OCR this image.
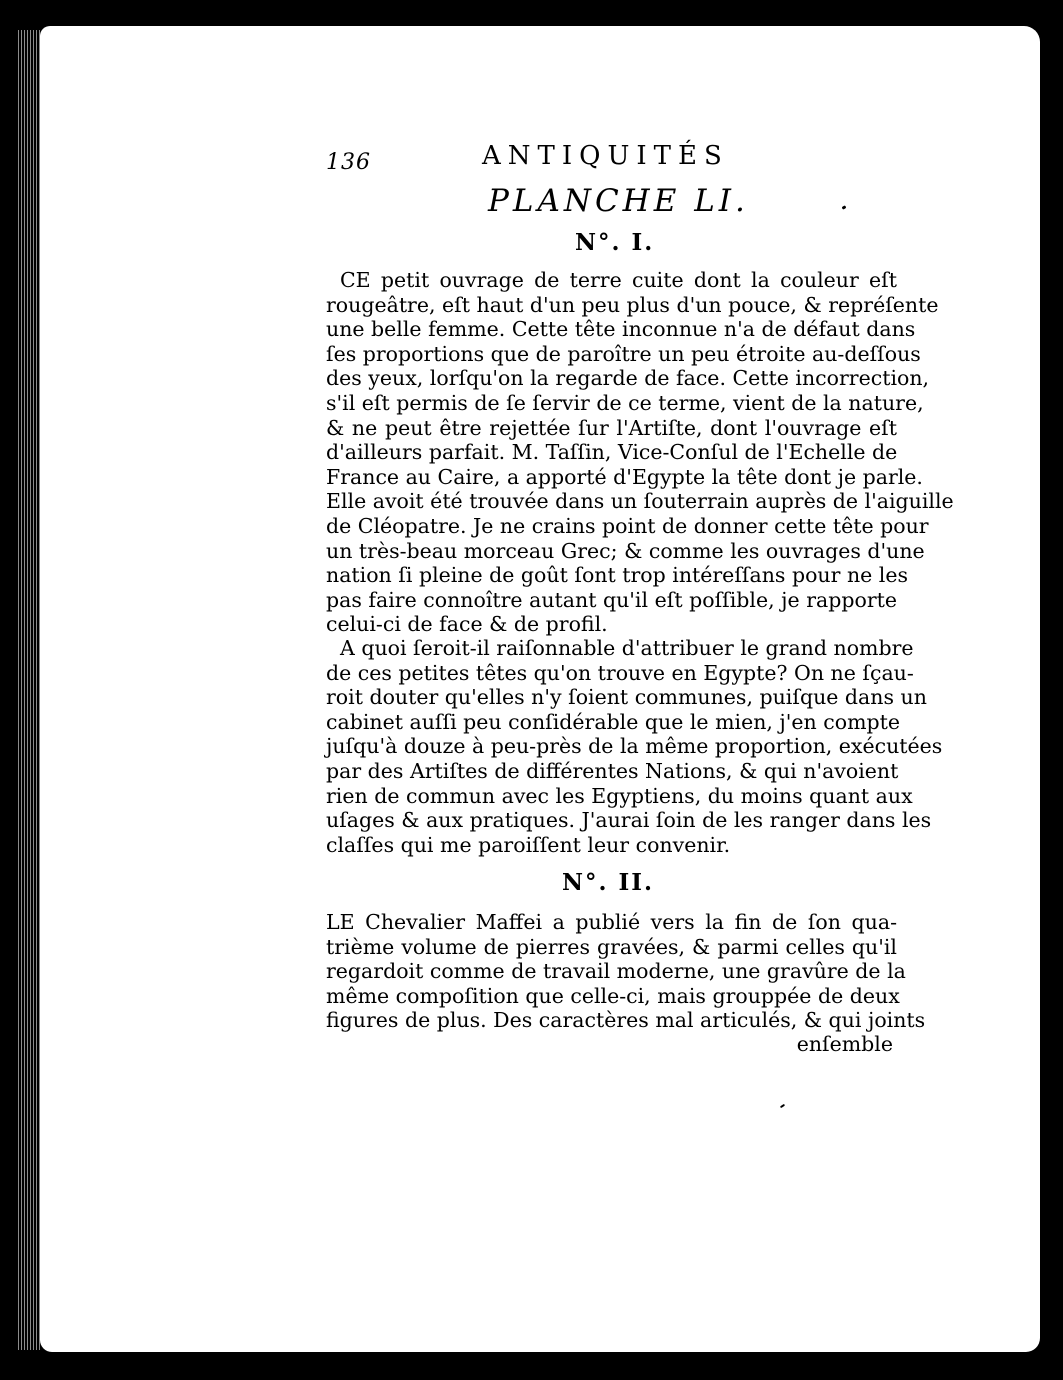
136	ANTIQUITÉS
PLANCHE LI.
N°. I.
CE petit ouvrage de terre cuite dont la couleur eſt
rougeâtre, eſt haut d'un peu plus d'un pouce, & repréſente
une belle femme. Cette tête inconnue n'a de défaut dans
ſes proportions que de paroître un peu étroite au-deſſous
des yeux, lorſqu'on la regarde de face. Cette incorrection,
s'il eſt permis de ſe ſervir de ce terme, vient de la nature,
& ne peut être rejettée ſur l'Artiſte, dont l'ouvrage eſt
d'ailleurs parfait. M. Taſſin, Vice-Conſul de l'Echelle de
France au Caire, a apporté d'Egypte la tête dont je parle.
Elle avoit été trouvée dans un ſouterrain auprès de l'aiguille
de Cléopatre. Je ne crains point de donner cette tête pour
un très-beau morceau Grec; & comme les ouvrages d'une
nation ſi pleine de goût ſont trop intéreſſans pour ne les
pas faire connoître autant qu'il eſt poſſible, je rapporte
celui-ci de face & de profil.
A quoi ſeroit-il raiſonnable d'attribuer le grand nombre
de ces petites têtes qu'on trouve en Egypte? On ne ſçau-
roit douter qu'elles n'y ſoient communes, puiſque dans un
cabinet auſſi peu conſidérable que le mien, j'en compte
juſqu'à douze à peu-près de la même proportion, exécutées
par des Artiſtes de différentes Nations, & qui n'avoient
rien de commun avec les Egyptiens, du moins quant aux
uſages & aux pratiques. J'aurai ſoin de les ranger dans les
claſſes qui me paroiſſent leur convenir.
N°. II.
LE Chevalier Maffei a publié vers la fin de ſon qua-
trième volume de pierres gravées, & parmi celles qu'il
regardoit comme de travail moderne, une gravûre de la
même compoſition que celle-ci, mais grouppée de deux
figures de plus. Des caractères mal articulés, & qui joints
enſemble
